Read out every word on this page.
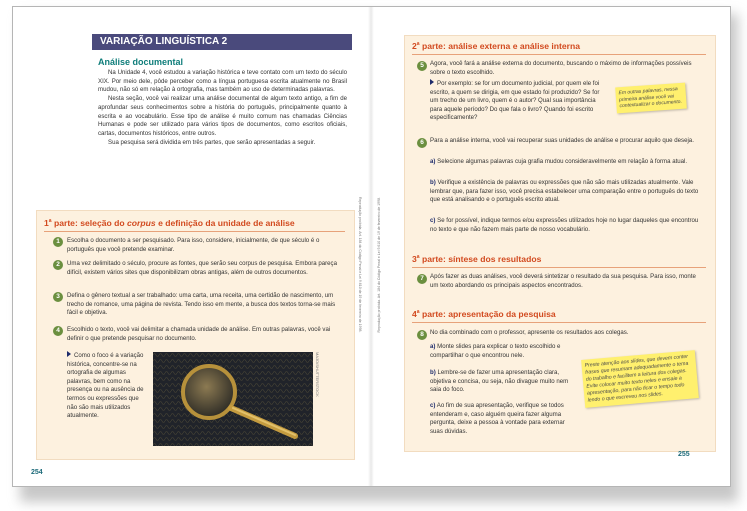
VARIAÇÃO LINGUÍSTICA 2
Análise documental

Na Unidade 4, você estudou a variação histórica e teve contato com um texto do século XIX. Por meio dele, pôde perceber como a língua portuguesa escrita atualmente no Brasil mudou, não só em relação à ortografia, mas também ao uso de determinadas palavras.

Nesta seção, você vai realizar uma análise documental de algum texto antigo, a fim de aprofundar seus conhecimentos sobre a história do português, principalmente quanto à escrita e ao vocabulário. Esse tipo de análise é muito comum nas chamadas Ciências Humanas e pode ser utilizado para vários tipos de documentos, como escritos oficiais, cartas, documentos históricos, entre outros.

Sua pesquisa será dividida em três partes, que serão apresentadas a seguir.

Reprodução proibida. Art. 184 do Código Penal e Lei 9.610 de 19 de fevereiro de 1998.
1$^a$ parte: seleção do corpus e definição da unidade de análise
1	Escolha o documento a ser pesquisado. Para isso, considere, inicialmente, de que século é o português que você pretende examinar.
2	Uma vez delimitado o século, procure as fontes, que serão seu corpus de pesquisa. Embora pareça difícil, existem vários sites que disponibilizam obras antigas, além de outros documentos.
3	Defina o gênero textual a ser trabalhado: uma carta, uma receita, uma certidão de nascimento, um trecho de romance, uma página de revista. Tendo isso em mente, a busca dos textos torna-se mais fácil e objetiva.
4	Escolhido o texto, você vai delimitar a chamada unidade de análise. Em outras palavras, você vai definir o que pretende pesquisar no documento.
Como o foco é a variação histórica, concentre-se na ortografia de algumas palavras, bem como na presença ou na ausência de termos ou expressões que não são mais utilizados atualmente.
MA3D/SHUTTERSTOCK
254
Reprodução proibida. Art. 184 do Código Penal e Lei 9.610 de 19 de fevereiro de 1998.
2$^a$ parte: análise externa e análise interna
5	Agora, você fará a análise externa do documento, buscando o máximo de informações possíveis sobre o texto escolhido.
Por exemplo: se for um documento judicial, por quem ele foi escrito, a quem se dirigia, em que estado foi produzido? Se for um trecho de um livro, quem é o autor? Qual sua importância para aquele período? Do que fala o livro? Quando foi escrito especificamente?
Em outras palavras, nessa primeira análise você vai contextualizar o documento.
6	Para a análise interna, você vai recuperar suas unidades de análise e procurar aquilo que deseja.
a) Selecione algumas palavras cuja grafia mudou consideravelmente em relação à forma atual.
b) Verifique a existência de palavras ou expressões que não são mais utilizadas atualmente. Vale lembrar que, para fazer isso, você precisa estabelecer uma comparação entre o português do texto que está analisando e o português escrito atual.
c) Se for possível, indique termos e/ou expressões utilizados hoje no lugar daqueles que encontrou no texto e que não fazem mais parte de nosso vocabulário.
3$^a$ parte: síntese dos resultados
7	Após fazer as duas análises, você deverá sintetizar o resultado da sua pesquisa. Para isso, monte um texto abordando os principais aspectos encontrados.
4$^a$ parte: apresentação da pesquisa
8	No dia combinado com o professor, apresente os resultados aos colegas.
a) Monte slides para explicar o texto escolhido e compartilhar o que encontrou nele.
b) Lembre-se de fazer uma apresentação clara, objetiva e concisa, ou seja, não divague muito nem saia do foco.
c) Ao fim de sua apresentação, verifique se todos entenderam e, caso alguém queira fazer alguma pergunta, deixe a pessoa à vontade para externar suas dúvidas.
Preste atenção aos slides, que devem conter frases que resumam adequadamente o tema do trabalho e facilitem a leitura dos colegas. Evite colocar muito texto neles e ensaie a apresentação, para não ficar o tempo todo lendo o que escreveu nos slides.
255
